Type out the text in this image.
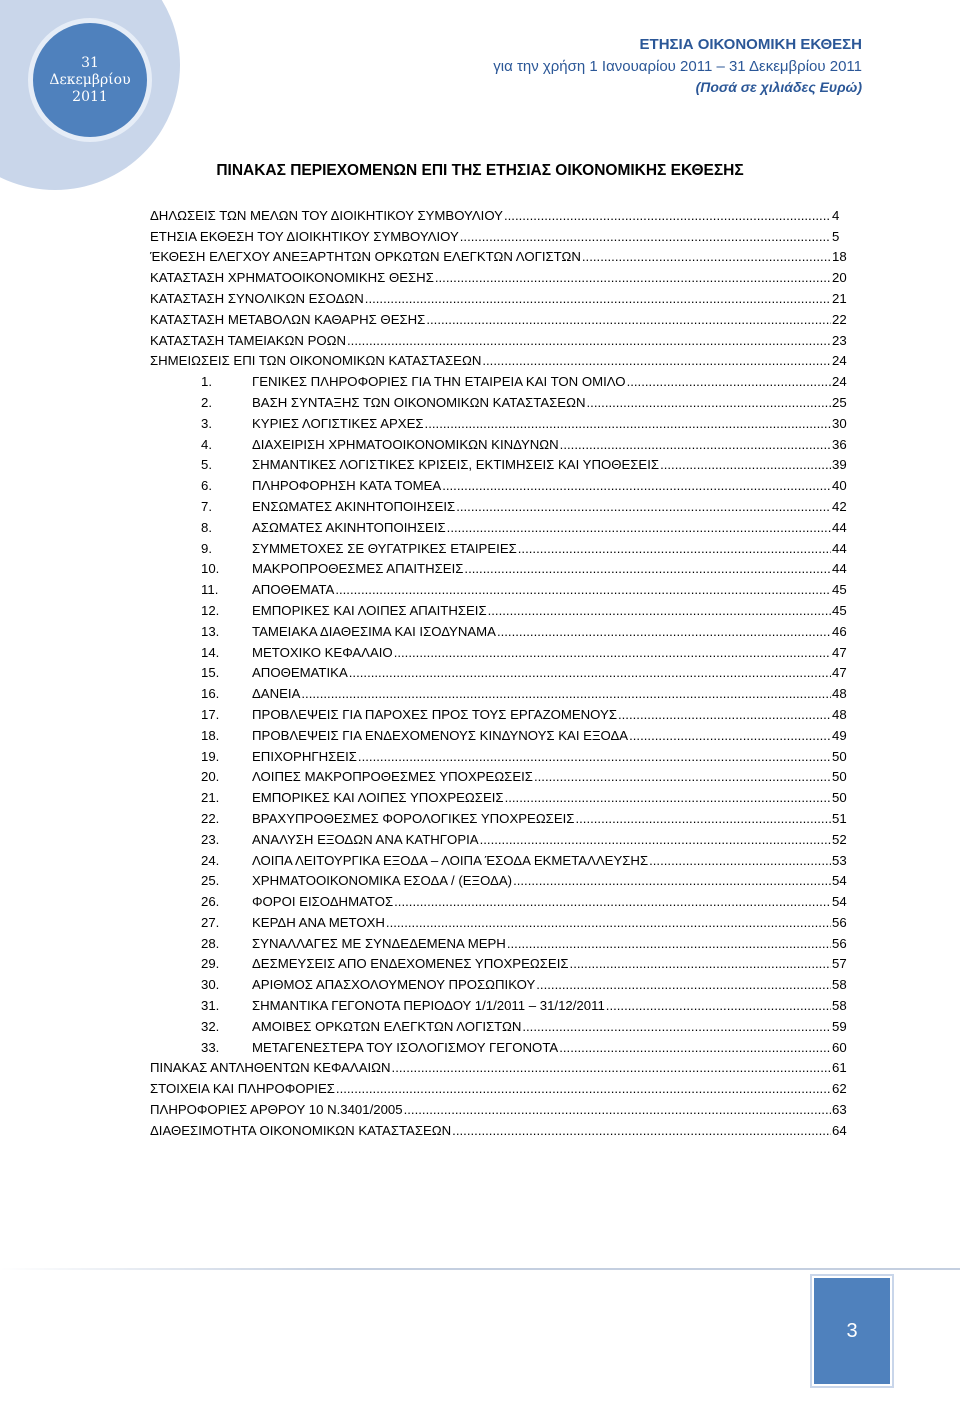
31
Δεκεμβρίου
2011
ΕΤΗΣΙΑ ΟΙΚΟΝΟΜΙΚΗ ΕΚΘΕΣΗ
για την χρήση 1 Ιανουαρίου 2011 – 31 Δεκεμβρίου 2011
(Ποσά σε χιλιάδες Ευρώ)
ΠΙΝΑΚΑΣ ΠΕΡΙΕΧΟΜΕΝΩΝ ΕΠΙ ΤΗΣ ΕΤΗΣΙΑΣ ΟΙΚΟΝΟΜΙΚΗΣ ΕΚΘΕΣΗΣ
ΔΗΛΩΣΕΙΣ ΤΩΝ ΜΕΛΩΝ ΤΟΥ ΔΙΟΙΚΗΤΙΚΟΥ ΣΥΜΒΟΥΛΙΟΥ .....	4
ΕΤΗΣΙΑ ΕΚΘΕΣΗ ΤΟΥ ΔΙΟΙΚΗΤΙΚΟΥ ΣΥΜΒΟΥΛΙΟΥ .....	5
ΈΚΘΕΣΗ ΕΛΕΓΧΟΥ ΑΝΕΞΑΡΤΗΤΩΝ ΟΡΚΩΤΩΝ ΕΛΕΓΚΤΩΝ ΛΟΓΙΣΤΩΝ .....	18
ΚΑΤΑΣΤΑΣΗ ΧΡΗΜΑΤΟΟΙΚΟΝΟΜΙΚΗΣ ΘΕΣΗΣ .....	20
ΚΑΤΑΣΤΑΣΗ ΣΥΝΟΛΙΚΩΝ ΕΣΟΔΩΝ .....	21
ΚΑΤΑΣΤΑΣΗ ΜΕΤΑΒΟΛΩΝ ΚΑΘΑΡΗΣ ΘΕΣΗΣ .....	22
ΚΑΤΑΣΤΑΣΗ ΤΑΜΕΙΑΚΩΝ ΡΟΩΝ .....	23
ΣΗΜΕΙΩΣΕΙΣ ΕΠΙ ΤΩΝ ΟΙΚΟΝΟΜΙΚΩΝ ΚΑΤΑΣΤΑΣΕΩΝ .....	24
1.	ΓΕΝΙΚΕΣ ΠΛΗΡΟΦΟΡΙΕΣ ΓΙΑ ΤΗΝ ΕΤΑΙΡΕΙΑ ΚΑΙ ΤΟΝ ΟΜΙΛΟ .....	24
2.	ΒΑΣΗ ΣΥΝΤΑΞΗΣ ΤΩΝ ΟΙΚΟΝΟΜΙΚΩΝ ΚΑΤΑΣΤΑΣΕΩΝ .....	25
3.	ΚΥΡΙΕΣ ΛΟΓΙΣΤΙΚΕΣ ΑΡΧΕΣ .....	30
4.	ΔΙΑΧΕΙΡΙΣΗ ΧΡΗΜΑΤΟΟΙΚΟΝΟΜΙΚΩΝ ΚΙΝΔΥΝΩΝ .....	36
5.	ΣΗΜΑΝΤΙΚΕΣ ΛΟΓΙΣΤΙΚΕΣ ΚΡΙΣΕΙΣ, ΕΚΤΙΜΗΣΕΙΣ ΚΑΙ ΥΠΟΘΕΣΕΙΣ .....	39
6.	ΠΛΗΡΟΦΟΡΗΣΗ ΚΑΤΑ ΤΟΜΕΑ .....	40
7.	ΕΝΣΩΜΑΤΕΣ ΑΚΙΝΗΤΟΠΟΙΗΣΕΙΣ .....	42
8.	ΑΣΩΜΑΤΕΣ ΑΚΙΝΗΤΟΠΟΙΗΣΕΙΣ .....	44
9.	ΣΥΜΜΕΤΟΧΕΣ ΣΕ ΘΥΓΑΤΡΙΚΕΣ ΕΤΑΙΡΕΙΕΣ .....	44
10.	ΜΑΚΡΟΠΡΟΘΕΣΜΕΣ ΑΠΑΙΤΗΣΕΙΣ .....	44
11.	ΑΠΟΘΕΜΑΤΑ .....	45
12.	ΕΜΠΟΡΙΚΕΣ ΚΑΙ ΛΟΙΠΕΣ ΑΠΑΙΤΗΣΕΙΣ .....	45
13.	ΤΑΜΕΙΑΚΑ ΔΙΑΘΕΣΙΜΑ ΚΑΙ ΙΣΟΔΥΝΑΜΑ .....	46
14.	ΜΕΤΟΧΙΚΟ ΚΕΦΑΛΑΙΟ .....	47
15.	ΑΠΟΘΕΜΑΤΙΚΑ .....	47
16.	ΔΑΝΕΙΑ .....	48
17.	ΠΡΟΒΛΕΨΕΙΣ ΓΙΑ ΠΑΡΟΧΕΣ ΠΡΟΣ ΤΟΥΣ ΕΡΓΑΖΟΜΕΝΟΥΣ .....	48
18.	ΠΡΟΒΛΕΨΕΙΣ ΓΙΑ ΕΝΔΕΧΟΜΕΝΟΥΣ ΚΙΝΔΥΝΟΥΣ ΚΑΙ ΕΞΟΔΑ .....	49
19.	ΕΠΙΧΟΡΗΓΗΣΕΙΣ .....	50
20.	ΛΟΙΠΕΣ ΜΑΚΡΟΠΡΟΘΕΣΜΕΣ ΥΠΟΧΡΕΩΣΕΙΣ .....	50
21.	ΕΜΠΟΡΙΚΕΣ ΚΑΙ ΛΟΙΠΕΣ ΥΠΟΧΡΕΩΣΕΙΣ .....	50
22.	ΒΡΑΧΥΠΡΟΘΕΣΜΕΣ ΦΟΡΟΛΟΓΙΚΕΣ ΥΠΟΧΡΕΩΣΕΙΣ .....	51
23.	ΑΝΑΛΥΣΗ ΕΞΟΔΩΝ ΑΝΑ ΚΑΤΗΓΟΡΙΑ .....	52
24.	ΛΟΙΠΑ ΛΕΙΤΟΥΡΓΙΚΑ ΕΞΟΔΑ – ΛΟΙΠΑ ΈΣΟΔΑ ΕΚΜΕΤΑΛΛΕΥΣΗΣ .....	53
25.	ΧΡΗΜΑΤΟΟΙΚΟΝΟΜΙΚΑ ΕΣΟΔΑ / (ΕΞΟΔΑ) .....	54
26.	ΦΟΡΟΙ ΕΙΣΟΔΗΜΑΤΟΣ .....	54
27.	ΚΕΡΔΗ ΑΝΑ ΜΕΤΟΧΗ .....	56
28.	ΣΥΝΑΛΛΑΓΕΣ ΜΕ ΣΥΝΔΕΔΕΜΕΝΑ ΜΕΡΗ .....	56
29.	ΔΕΣΜΕΥΣΕΙΣ ΑΠΟ ΕΝΔΕΧΟΜΕΝΕΣ ΥΠΟΧΡΕΩΣΕΙΣ .....	57
30.	ΑΡΙΘΜΟΣ ΑΠΑΣΧΟΛΟΥΜΕΝΟΥ ΠΡΟΣΩΠΙΚΟΥ .....	58
31.	ΣΗΜΑΝΤΙΚΑ ΓΕΓΟΝΟΤΑ ΠΕΡΙΟΔΟΥ 1/1/2011 – 31/12/2011 .....	58
32.	ΑΜΟΙΒΕΣ ΟΡΚΩΤΩΝ ΕΛΕΓΚΤΩΝ ΛΟΓΙΣΤΩΝ .....	59
33.	ΜΕΤΑΓΕΝΕΣΤΕΡΑ ΤΟΥ ΙΣΟΛΟΓΙΣΜΟΥ ΓΕΓΟΝΟΤΑ .....	60
ΠΙΝΑΚΑΣ ΑΝΤΛΗΘΕΝΤΩΝ ΚΕΦΑΛΑΙΩΝ .....	61
ΣΤΟΙΧΕΙΑ ΚΑΙ ΠΛΗΡΟΦΟΡΙΕΣ .....	62
ΠΛΗΡΟΦΟΡΙΕΣ ΑΡΘΡΟΥ 10 Ν.3401/2005 .....	63
ΔΙΑΘΕΣΙΜΟΤΗΤΑ ΟΙΚΟΝΟΜΙΚΩΝ ΚΑΤΑΣΤΑΣΕΩΝ .....	64
3
